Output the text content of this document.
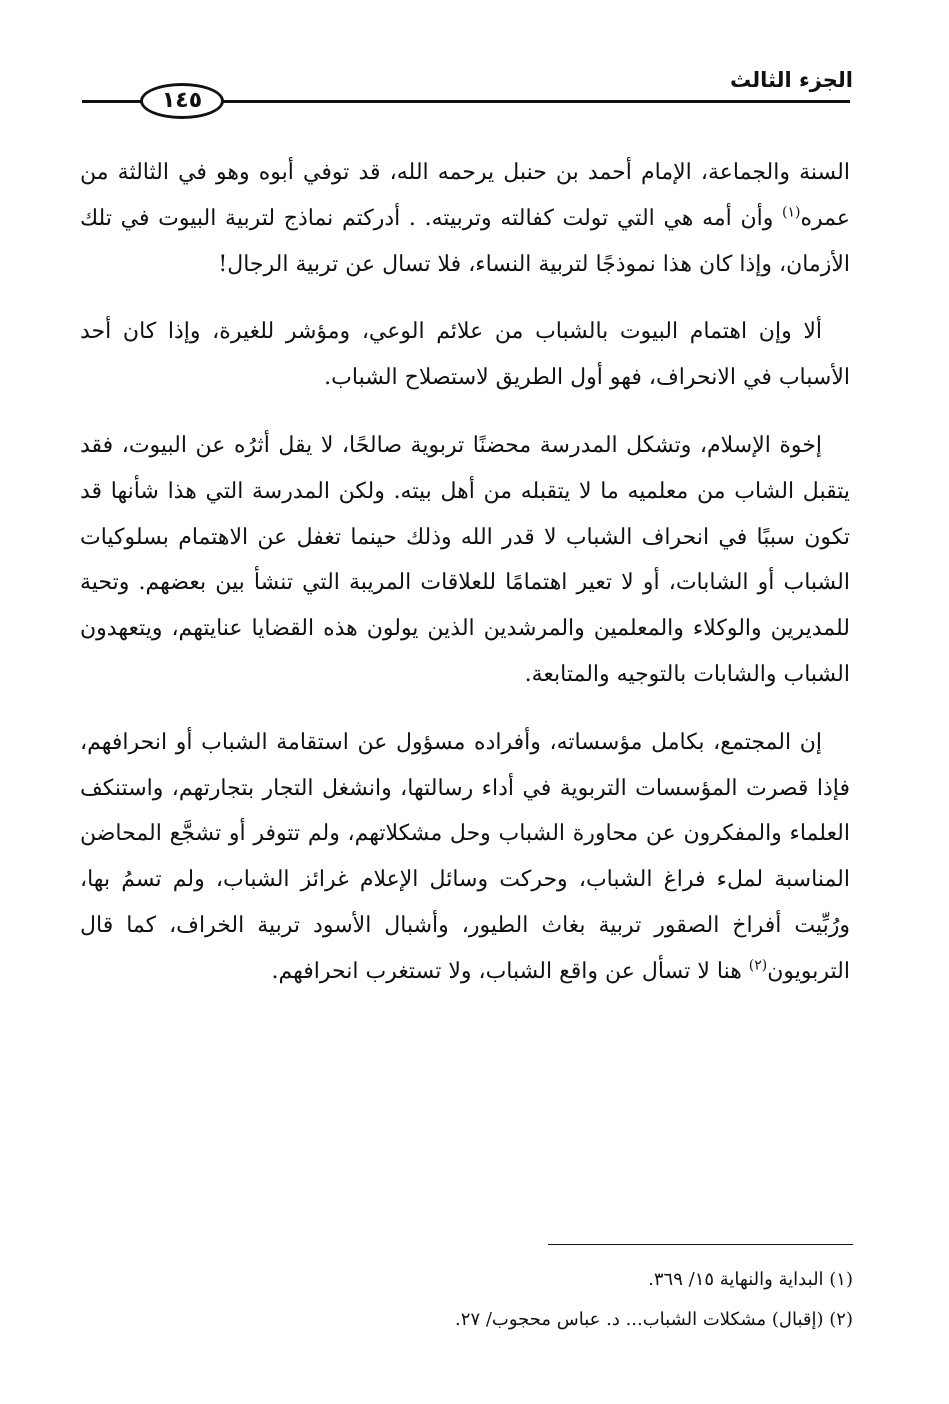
الجزء الثالث
١٤٥

السنة والجماعة، الإمام أحمد بن حنبل يرحمه الله، قد توفي أبوه وهو في الثالثة من عمره$^{(١)}$ وأن أمه هي التي تولت كفالته وتربيته. . أدركتم نماذج لتربية البيوت في تلك الأزمان، وإذا كان هذا نموذجًا لتربية النساء، فلا تسال عن تربية الرجال!

ألا وإن اهتمام البيوت بالشباب من علائم الوعي، ومؤشر للغيرة، وإذا كان أحد الأسباب في الانحراف، فهو أول الطريق لاستصلاح الشباب.

إخوة الإسلام، وتشكل المدرسة محضنًا تربوية صالحًا، لا يقل أثرُه عن البيوت، فقد يتقبل الشاب من معلميه ما لا يتقبله من أهل بيته. ولكن المدرسة التي هذا شأنها قد تكون سببًا في انحراف الشباب لا قدر الله وذلك حينما تغفل عن الاهتمام بسلوكيات الشباب أو الشابات، أو لا تعير اهتمامًا للعلاقات المريبة التي تنشأ بين بعضهم. وتحية للمديرين والوكلاء والمعلمين والمرشدين الذين يولون هذه القضايا عنايتهم، ويتعهدون الشباب والشابات بالتوجيه والمتابعة.

إن المجتمع، بكامل مؤسساته، وأفراده مسؤول عن استقامة الشباب أو انحرافهم، فإذا قصرت المؤسسات التربوية في أداء رسالتها، وانشغل التجار بتجارتهم، واستنكف العلماء والمفكرون عن محاورة الشباب وحل مشكلاتهم، ولم تتوفر أو تشجَّع المحاضن المناسبة لملء فراغ الشباب، وحركت وسائل الإعلام غرائز الشباب، ولم تسمُ بها، ورُبِّيت أفراخ الصقور تربية بغاث الطيور، وأشبال الأسود تربية الخراف، كما قال التربويون$^{(٢)}$ هنا لا تسأل عن واقع الشباب، ولا تستغرب انحرافهم.

(١) البداية والنهاية ١٥/ ٣٦٩.

(٢) (إقبال) مشكلات الشباب... د. عباس محجوب/ ٢٧.
